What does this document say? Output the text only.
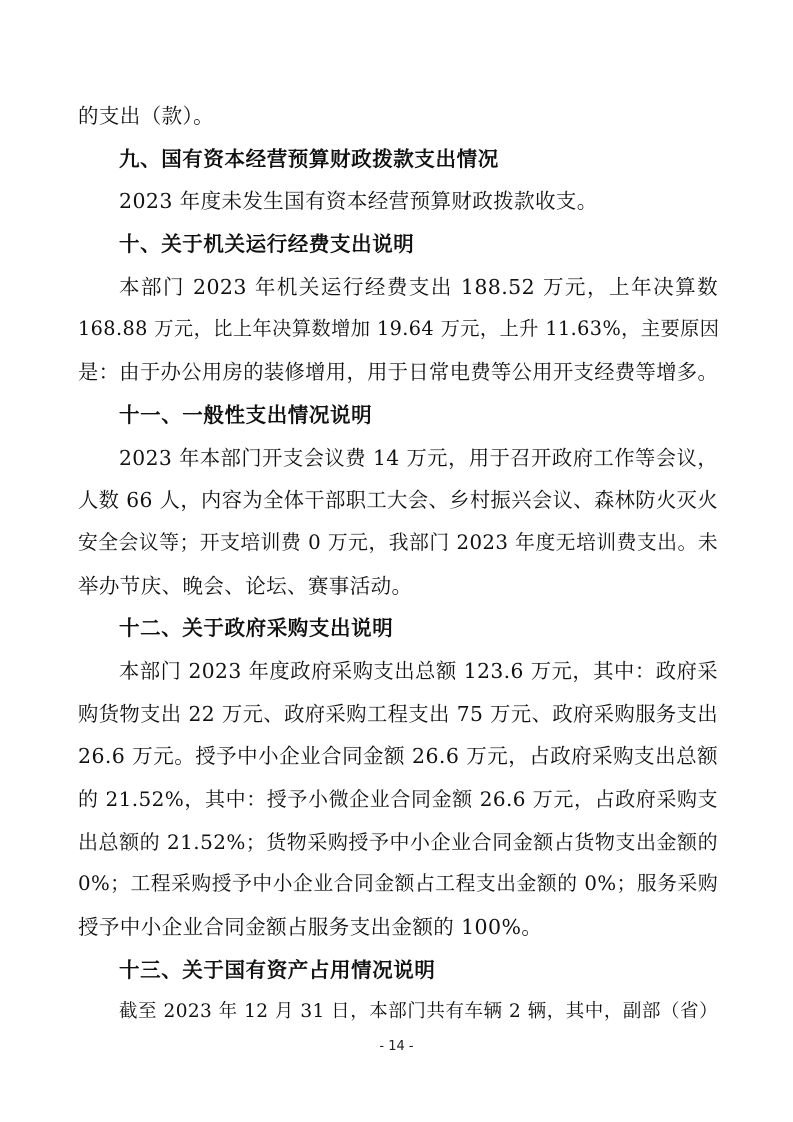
的支出（款）。
九、国有资本经营预算财政拨款支出情况
2023 年度未发生国有资本经营预算财政拨款收支。
十、关于机关运行经费支出说明
本部门 2023 年机关运行经费支出 188.52 万元，上年决算数
168.88 万元，比上年决算数增加 19.64 万元，上升 11.63%，主要原因
是：由于办公用房的装修增用，用于日常电费等公用开支经费等增多。
十一、一般性支出情况说明
2023 年本部门开支会议费 14 万元，用于召开政府工作等会议，
人数 66 人，内容为全体干部职工大会、乡村振兴会议、森林防火灭火
安全会议等；开支培训费 0 万元，我部门 2023 年度无培训费支出。未
举办节庆、晚会、论坛、赛事活动。
十二、关于政府采购支出说明
本部门 2023 年度政府采购支出总额 123.6 万元，其中：政府采
购货物支出 22 万元、政府采购工程支出 75 万元、政府采购服务支出
26.6 万元。授予中小企业合同金额 26.6 万元，占政府采购支出总额
的 21.52%，其中：授予小微企业合同金额 26.6 万元，占政府采购支
出总额的 21.52%；货物采购授予中小企业合同金额占货物支出金额的
0%；工程采购授予中小企业合同金额占工程支出金额的 0%；服务采购
授予中小企业合同金额占服务支出金额的 100%。
十三、关于国有资产占用情况说明
截至 2023 年 12 月 31 日，本部门共有车辆 2 辆，其中，副部（省）
- 14 -
